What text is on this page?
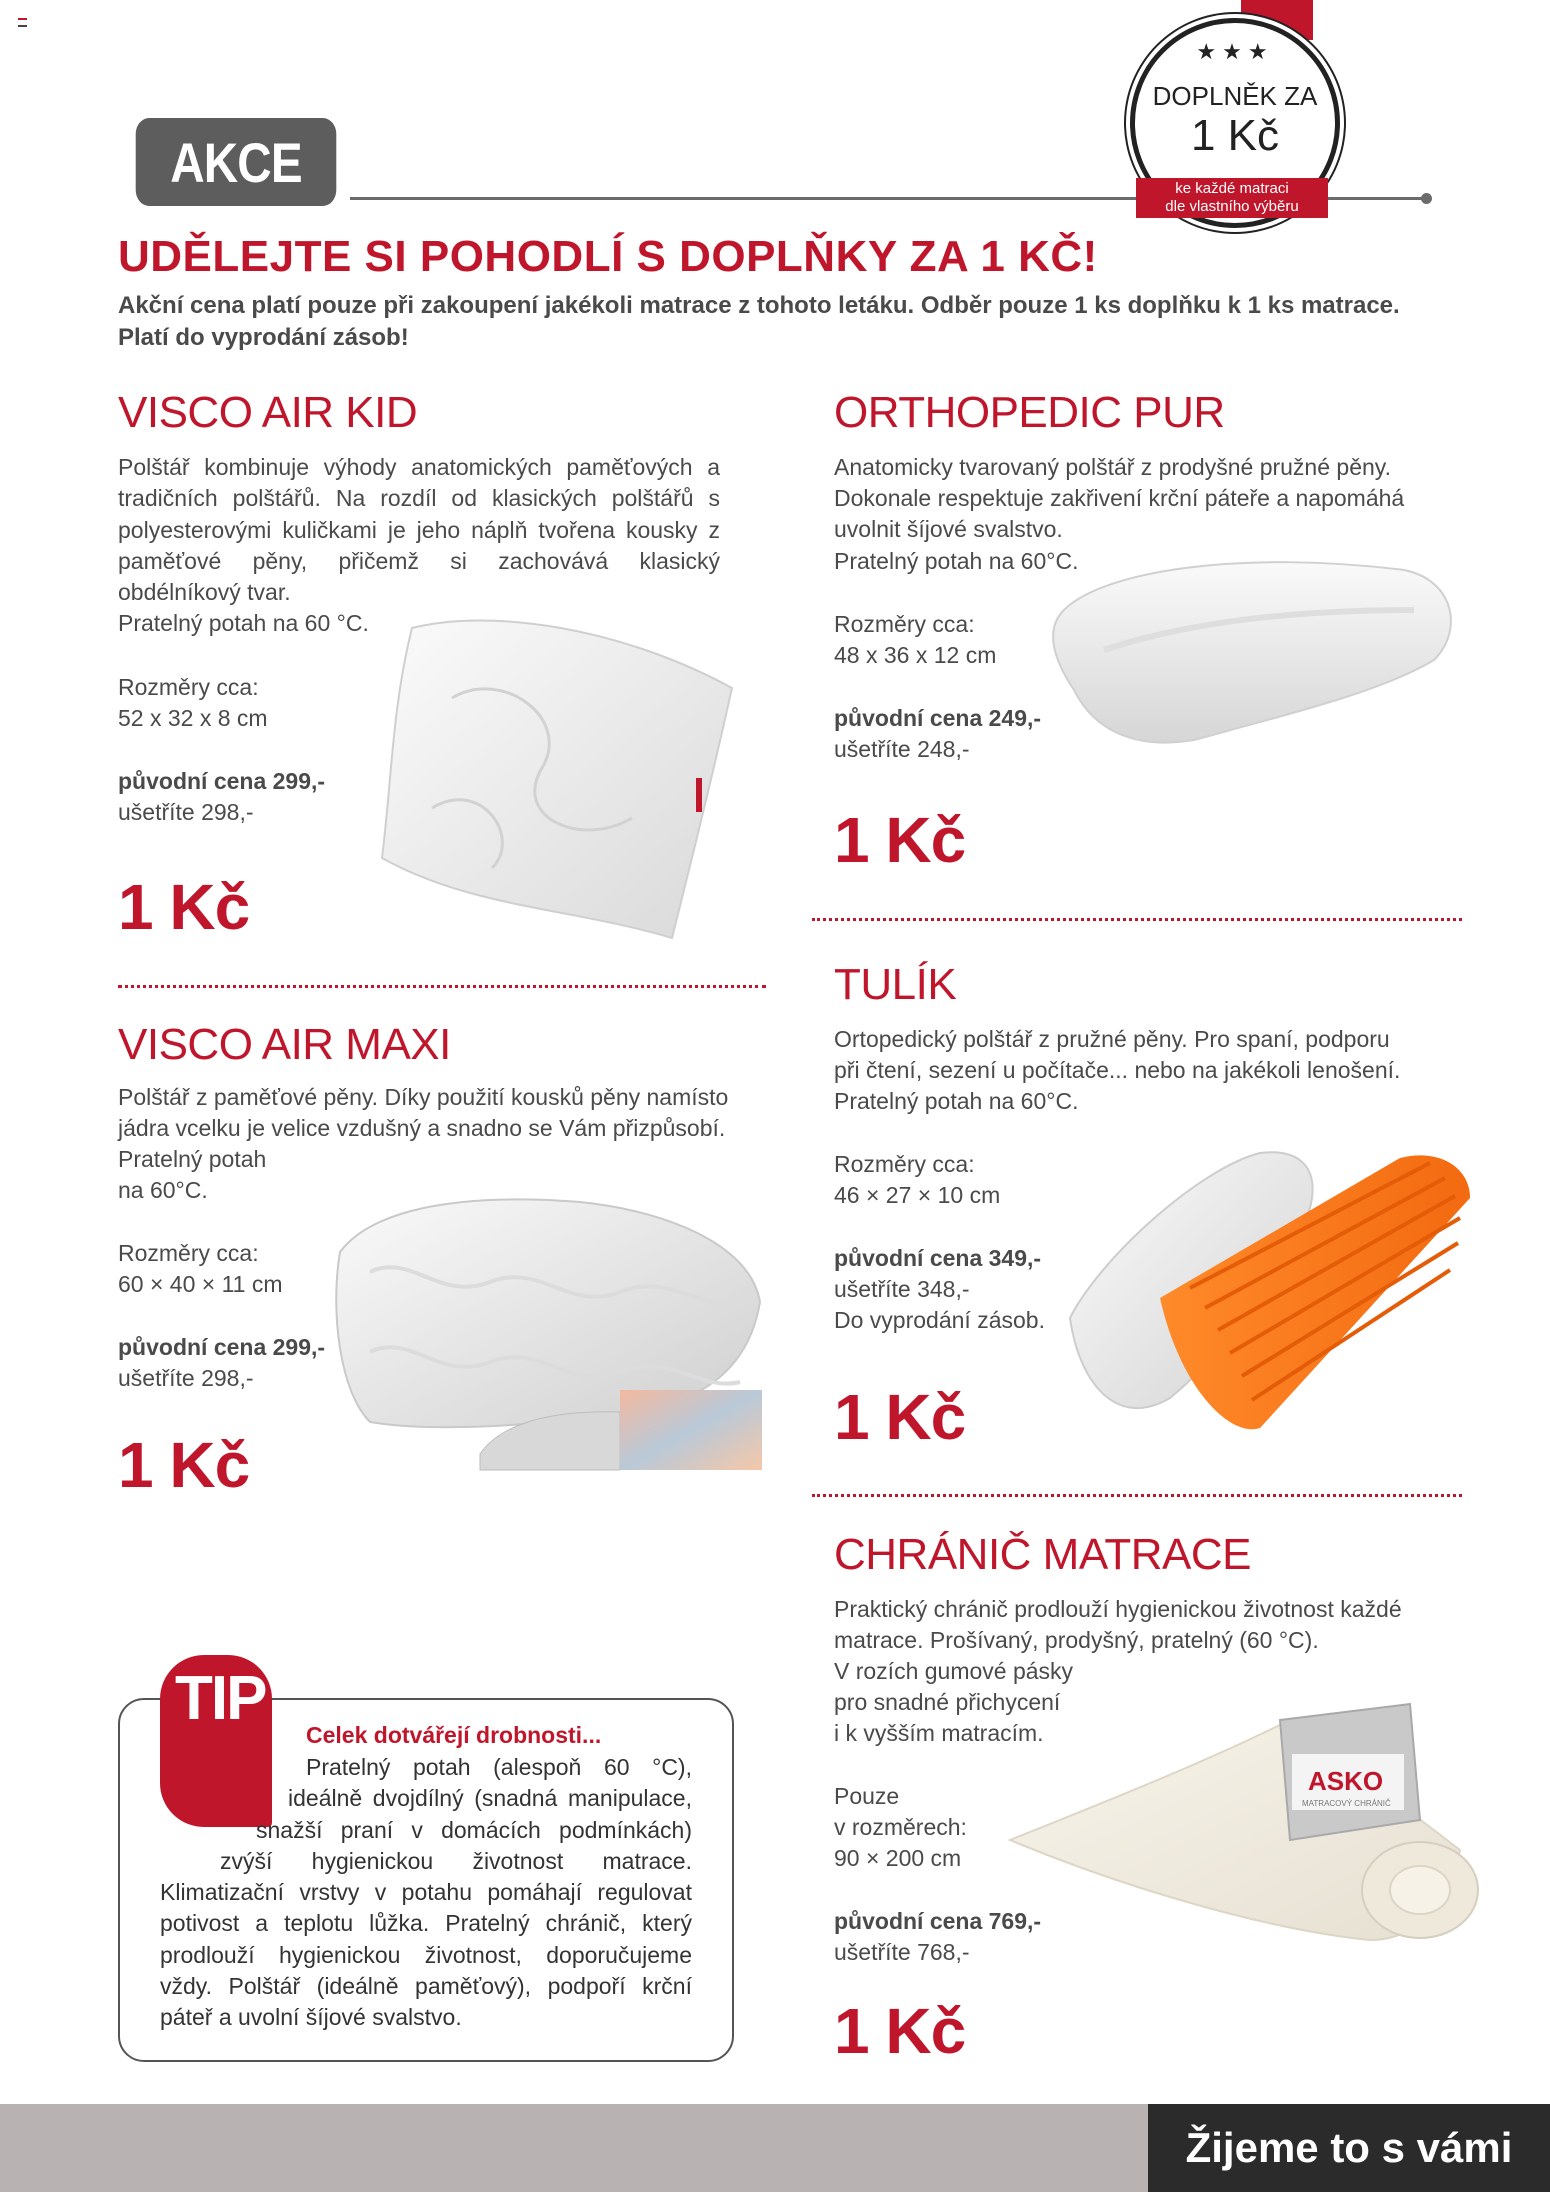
AKCE
★★★
DOPLNĚK ZA
1 Kč
ke každé matraci
dle vlastního výběru
UDĚLEJTE SI POHODLÍ S DOPLŇKY ZA 1 KČ!
Akční cena platí pouze při zakoupení jakékoli matrace z tohoto letáku. Odběr pouze 1 ks doplňku k 1 ks matrace.
Platí do vyprodání zásob!
VISCO AIR KID
Polštář kombinuje výhody anatomických paměťových a tradičních polštářů. Na rozdíl od klasických polštářů s polyesterovými kuličkami je jeho náplň tvořena kousky z paměťové pěny, přičemž si zachovává klasický obdélníkový tvar.
Pratelný potah na 60 °C.
Rozměry cca:
52 x 32 x 8 cm
původní cena 299,-
ušetříte 298,-
1 Kč
ORTHOPEDIC PUR
Anatomicky tvarovaný polštář z prodyšné pružné pěny.
Dokonale respektuje zakřivení krční páteře a napomáhá uvolnit šíjové svalstvo.
Pratelný potah na 60°C.
Rozměry cca:
48 x 36 x 12 cm
původní cena 249,-
ušetříte 248,-
1 Kč
TULÍK
Ortopedický polštář z pružné pěny. Pro spaní, podporu
při čtení, sezení u počítače... nebo na jakékoli lenošení.
Pratelný potah na 60°C.
Rozměry cca:
46 × 27 × 10 cm
původní cena 349,-
ušetříte 348,-
Do vyprodání zásob.
1 Kč
VISCO AIR MAXI
Polštář z paměťové pěny. Díky použití kousků pěny namísto
jádra vcelku je velice vzdušný a snadno se Vám přizpůsobí.
Pratelný potah
na 60°C.
Rozměry cca:
60 × 40 × 11 cm
původní cena 299,-
ušetříte 298,-
1 Kč
CHRÁNIČ MATRACE
Praktický chránič prodlouží hygienickou životnost každé
matrace. Prošívaný, prodyšný, pratelný (60 °C).
V rozích gumové pásky
pro snadné přichycení
i k vyšším matracím.
Pouze
v rozměrech:
90 × 200 cm
původní cena 769,-
ušetříte 768,-
1 Kč
ASKO
MATRACOVÝ CHRÁNIČ
TIP
Celek dotvářejí drobnosti...
Pratelný potah (alespoň 60 °C),
ideálně dvojdílný (snadná manipulace,
snažší praní v domácích podmínkách)
zvýší hygienickou životnost matrace.
Klimatizační vrstvy v potahu pomáhají regulovat potivost a teplotu lůžka. Pratelný chránič, který prodlouží hygienickou životnost, doporučujeme vždy. Polštář (ideálně paměťový), podpoří krční páteř a uvolní šíjové svalstvo.
Žijeme to s vámi
